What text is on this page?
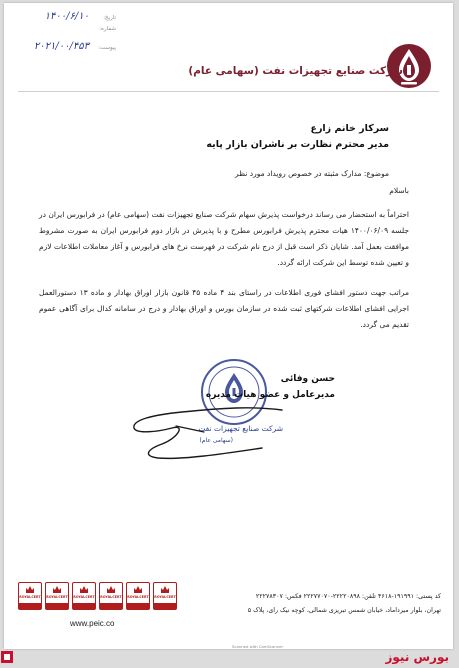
تاریخ:
۱۴۰۰/۶/۱۰
شماره:
پیوست:
۲۰۲۱/۰۰/۴۵۳
شرکت صنایع تجهیزات نفت (سهامی عام)
سرکار خانم زارع
مدیر محترم نظارت بر ناشران بازار پایه
موضوع: مدارک مثبته در خصوص رویداد مورد نظر
باسلام
احتراماً به استحضار می رساند درخواست پذیرش سهام شرکت صنایع تجهیزات نفت (سهامی عام) در فرابورس ایران در جلسه ۱۴۰۰/۰۶/۰۹ هیات محترم پذیرش فرابورس مطرح و با پذیرش در بازار دوم فرابورس ایران به صورت مشروط موافقت بعمل آمد. شایان ذکر است قبل از درج نام شرکت در فهرست نرخ های فرابورس و آغاز معاملات اطلاعات لازم و تعیین شده توسط این شرکت ارائه گردد.
مراتب جهت دستور افشای فوری اطلاعات در راستای بند ۴ ماده ۴۵ قانون بازار اوراق بهادار و ماده ۱۳ دستورالعمل اجرایی افشای اطلاعات شرکتهای ثبت شده در سازمان بورس و اوراق بهادار و درج در سامانه کدال برای آگاهی عموم تقدیم می گردد.
حسن وفائی
مدیرعامل و عضو هیات مدیره
شرکت صنایع تجهیزات نفت
(سهامی عام)
ROYALCERT ROYALCERT ROYALCERT ROYALCERT ROYALCERT ROYALCERT	کد پستی: ۱۹۱۹۹۱-۴۶۱۸ تلفن: ۲۲۲۲۰۸۹۸-۲۲۲۷۷۰۷۰ فکس: ۲۲۲۷۸۳۰۷
تهران، بلوار میرداماد، خیابان شمس تبریزی شمالی، کوچه نیک رای، پلاک ۵
www.peic.co
Scanned with CamScanner
بورس نیوز
